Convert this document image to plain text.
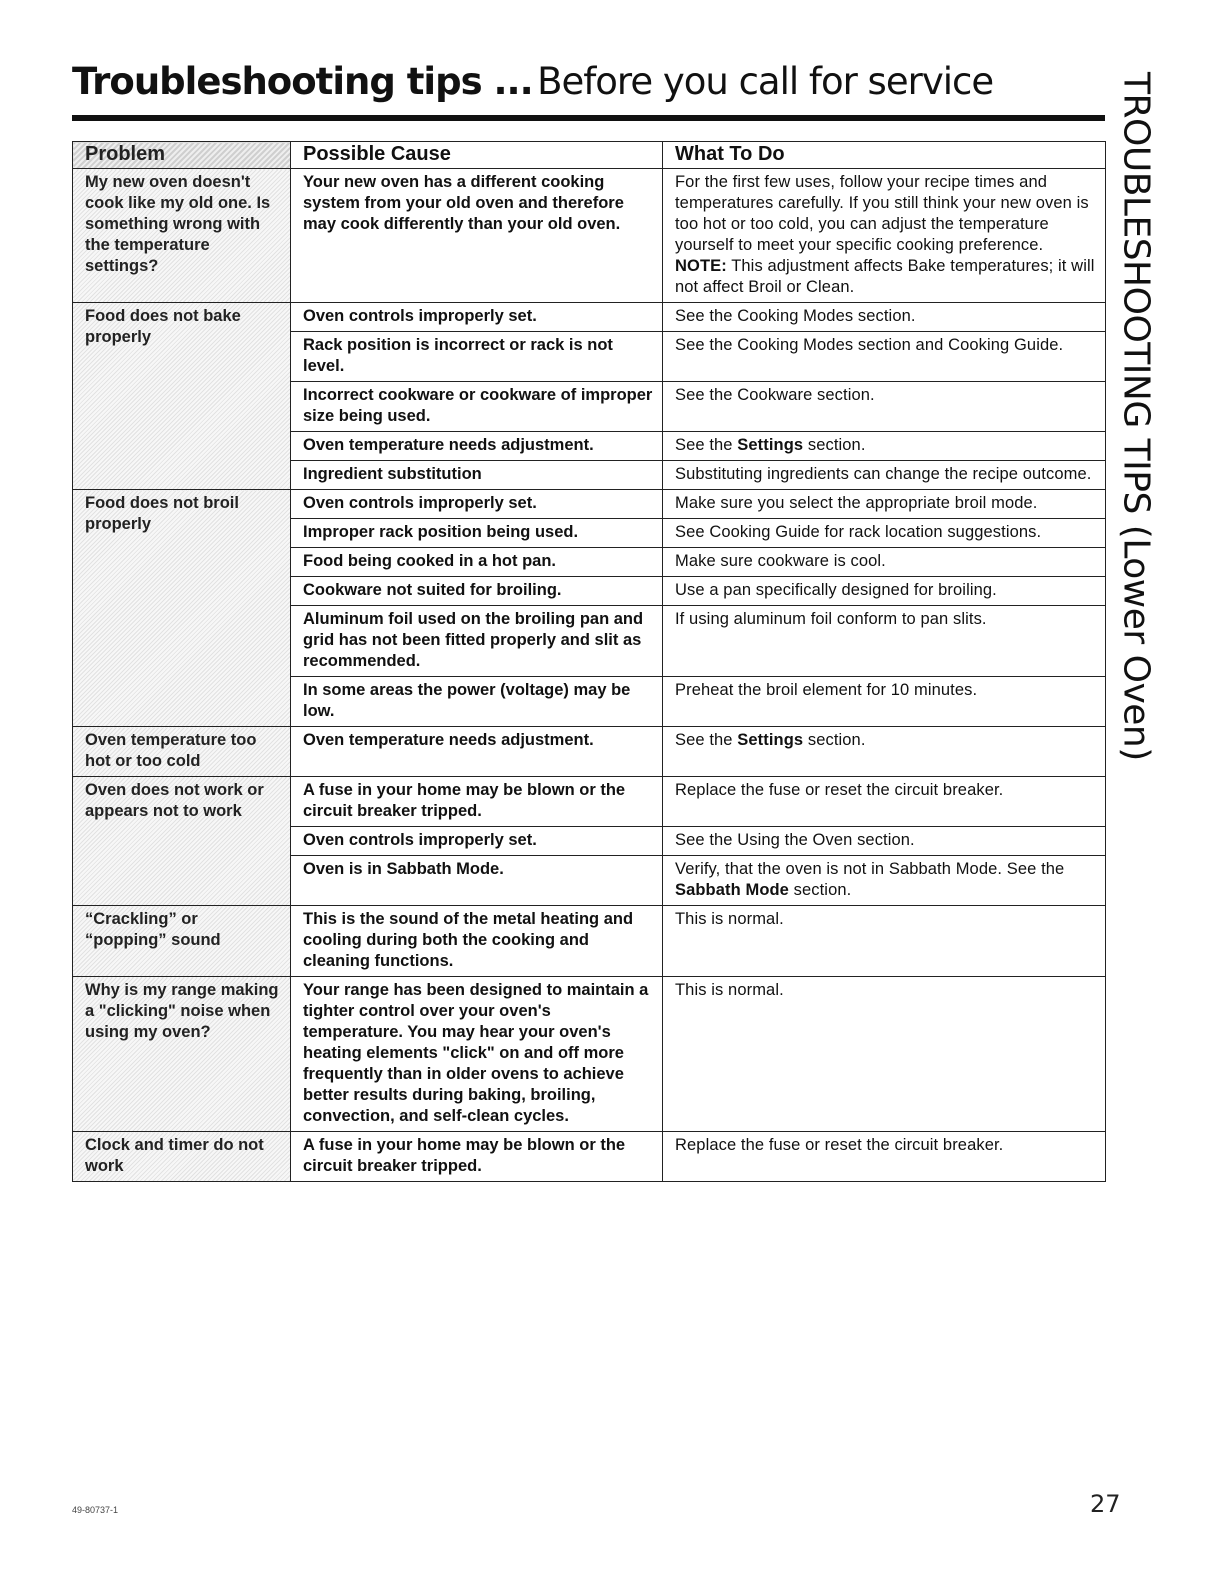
Troubleshooting tips ... Before you call for service	TROUBLESHOOTING TIPS (Lower Oven)
Problem	Possible Cause	What To Do
My new oven doesn't cook like my old one. Is something wrong with the temperature settings?	Your new oven has a different cooking system from your old oven and therefore may cook differently than your old oven.	For the first few uses, follow your recipe times and temperatures carefully. If you still think your new oven is too hot or too cold, you can adjust the temperature yourself to meet your specific cooking preference. NOTE: This adjustment affects Bake temperatures; it will not affect Broil or Clean.
Food does not bake properly	Oven controls improperly set.	See the Cooking Modes section.
	Rack position is incorrect or rack is not level.	See the Cooking Modes section and Cooking Guide.
	Incorrect cookware or cookware of improper size being used.	See the Cookware section.
	Oven temperature needs adjustment.	See the Settings section.
	Ingredient substitution	Substituting ingredients can change the recipe outcome.
Food does not broil properly	Oven controls improperly set.	Make sure you select the appropriate broil mode.
	Improper rack position being used.	See Cooking Guide for rack location suggestions.
	Food being cooked in a hot pan.	Make sure cookware is cool.
	Cookware not suited for broiling.	Use a pan specifically designed for broiling.
	Aluminum foil used on the broiling pan and grid has not been fitted properly and slit as recommended.	If using aluminum foil conform to pan slits.
	In some areas the power (voltage) may be low.	Preheat the broil element for 10 minutes.
Oven temperature too hot or too cold	Oven temperature needs adjustment.	See the Settings section.
Oven does not work or appears not to work	A fuse in your home may be blown or the circuit breaker tripped.	Replace the fuse or reset the circuit breaker.
	Oven controls improperly set.	See the Using the Oven section.
	Oven is in Sabbath Mode.	Verify, that the oven is not in Sabbath Mode. See the Sabbath Mode section.
“Crackling” or “popping” sound	This is the sound of the metal heating and cooling during both the cooking and cleaning functions.	This is normal.
Why is my range making a "clicking" noise when using my oven?	Your range has been designed to maintain a tighter control over your oven's temperature. You may hear your oven's heating elements "click" on and off more frequently than in older ovens to achieve better results during baking, broiling, convection, and self-clean cycles.	This is normal.
Clock and timer do not work	A fuse in your home may be blown or the circuit breaker tripped.	Replace the fuse or reset the circuit breaker.
49-80737-1	27
